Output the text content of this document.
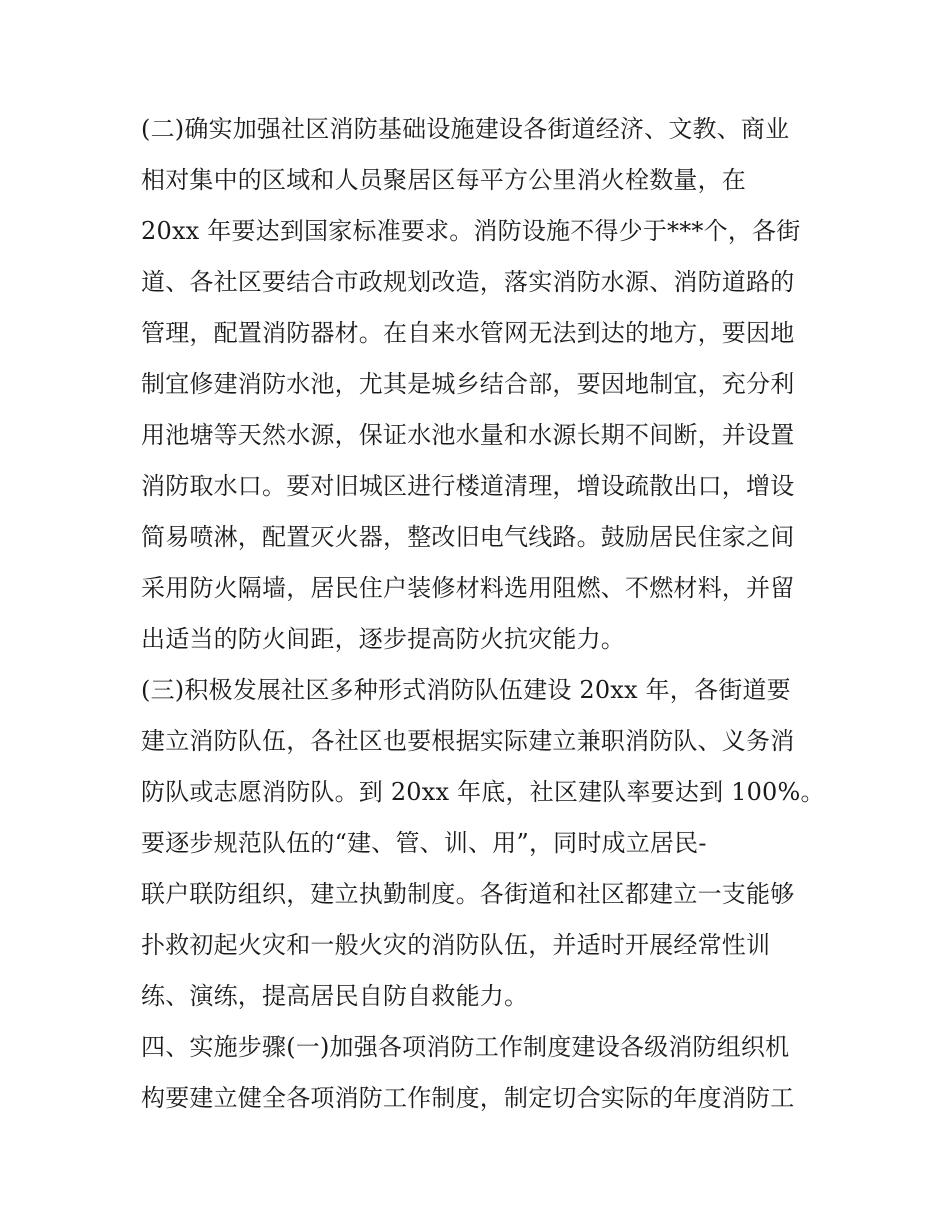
(二)确实加强社区消防基础设施建设各街道经济、文教、商业
相对集中的区域和人员聚居区每平方公里消火栓数量，在
20xx 年要达到国家标准要求。消防设施不得少于***个，各街
道、各社区要结合市政规划改造，落实消防水源、消防道路的
管理，配置消防器材。在自来水管网无法到达的地方，要因地
制宜修建消防水池，尤其是城乡结合部，要因地制宜，充分利
用池塘等天然水源，保证水池水量和水源长期不间断，并设置
消防取水口。要对旧城区进行楼道清理，增设疏散出口，增设
简易喷淋，配置灭火器，整改旧电气线路。鼓励居民住家之间
采用防火隔墙，居民住户装修材料选用阻燃、不燃材料，并留
出适当的防火间距，逐步提高防火抗灾能力。
(三)积极发展社区多种形式消防队伍建设 20xx 年，各街道要
建立消防队伍，各社区也要根据实际建立兼职消防队、义务消
防队或志愿消防队。到 20xx 年底，社区建队率要达到 100%。
要逐步规范队伍的“建、管、训、用”，同时成立居民-
联户联防组织，建立执勤制度。各街道和社区都建立一支能够
扑救初起火灾和一般火灾的消防队伍，并适时开展经常性训
练、演练，提高居民自防自救能力。
四、实施步骤(一)加强各项消防工作制度建设各级消防组织机
构要建立健全各项消防工作制度，制定切合实际的年度消防工
